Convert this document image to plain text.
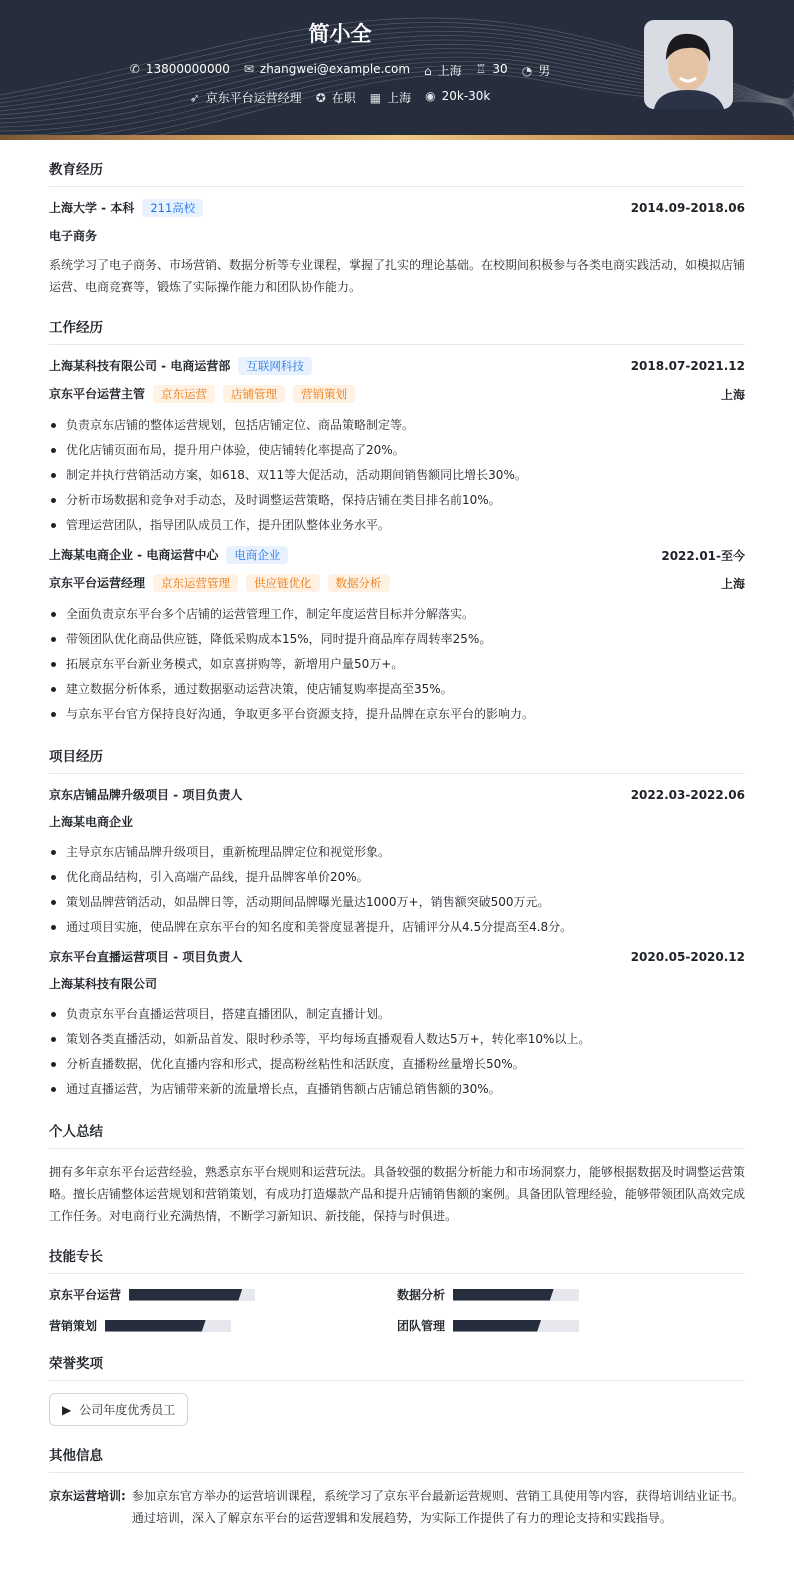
简小全
✆ 13800000000 ✉ zhangwei@example.com ⌂ 上海 ♖ 30 ◔ 男
➶ 京东平台运营经理 ✪ 在职 ▦ 上海 ◉ 20k-30k
教育经历
上海大学 - 本科 211高校	2014.09-2018.06
电子商务

系统学习了电子商务、市场营销、数据分析等专业课程，掌握了扎实的理论基础。在校期间积极参与各类电商实践活动，如模拟店铺运营、电商竞赛等，锻炼了实际操作能力和团队协作能力。

工作经历
上海某科技有限公司 - 电商运营部 互联网科技	2018.07-2021.12
京东平台运营主管 京东运营 店铺管理 营销策划	上海
负责京东店铺的整体运营规划，包括店铺定位、商品策略制定等。
优化店铺页面布局，提升用户体验，使店铺转化率提高了20%。
制定并执行营销活动方案，如618、双11等大促活动，活动期间销售额同比增长30%。
分析市场数据和竞争对手动态，及时调整运营策略，保持店铺在类目排名前10%。
管理运营团队，指导团队成员工作，提升团队整体业务水平。
上海某电商企业 - 电商运营中心 电商企业	2022.01-至今
京东平台运营经理 京东运营管理 供应链优化 数据分析	上海
全面负责京东平台多个店铺的运营管理工作，制定年度运营目标并分解落实。
带领团队优化商品供应链，降低采购成本15%，同时提升商品库存周转率25%。
拓展京东平台新业务模式，如京喜拼购等，新增用户量50万+。
建立数据分析体系，通过数据驱动运营决策，使店铺复购率提高至35%。
与京东平台官方保持良好沟通，争取更多平台资源支持，提升品牌在京东平台的影响力。
项目经历
京东店铺品牌升级项目 - 项目负责人	2022.03-2022.06
上海某电商企业
主导京东店铺品牌升级项目，重新梳理品牌定位和视觉形象。
优化商品结构，引入高端产品线，提升品牌客单价20%。
策划品牌营销活动，如品牌日等，活动期间品牌曝光量达1000万+，销售额突破500万元。
通过项目实施，使品牌在京东平台的知名度和美誉度显著提升，店铺评分从4.5分提高至4.8分。
京东平台直播运营项目 - 项目负责人	2020.05-2020.12
上海某科技有限公司
负责京东平台直播运营项目，搭建直播团队，制定直播计划。
策划各类直播活动，如新品首发、限时秒杀等，平均每场直播观看人数达5万+，转化率10%以上。
分析直播数据，优化直播内容和形式，提高粉丝粘性和活跃度，直播粉丝量增长50%。
通过直播运营，为店铺带来新的流量增长点，直播销售额占店铺总销售额的30%。
个人总结

拥有多年京东平台运营经验，熟悉京东平台规则和运营玩法。具备较强的数据分析能力和市场洞察力，能够根据数据及时调整运营策略。擅长店铺整体运营规划和营销策划，有成功打造爆款产品和提升店铺销售额的案例。具备团队管理经验，能够带领团队高效完成工作任务。对电商行业充满热情，不断学习新知识、新技能，保持与时俱进。

技能专长
京东平台运营	数据分析
营销策划	团队管理
荣誉奖项
▶ 公司年度优秀员工
其他信息
京东运营培训: 参加京东官方举办的运营培训课程，系统学习了京东平台最新运营规则、营销工具使用等内容，获得培训结业证书。通过培训，深入了解京东平台的运营逻辑和发展趋势，为实际工作提供了有力的理论支持和实践指导。
